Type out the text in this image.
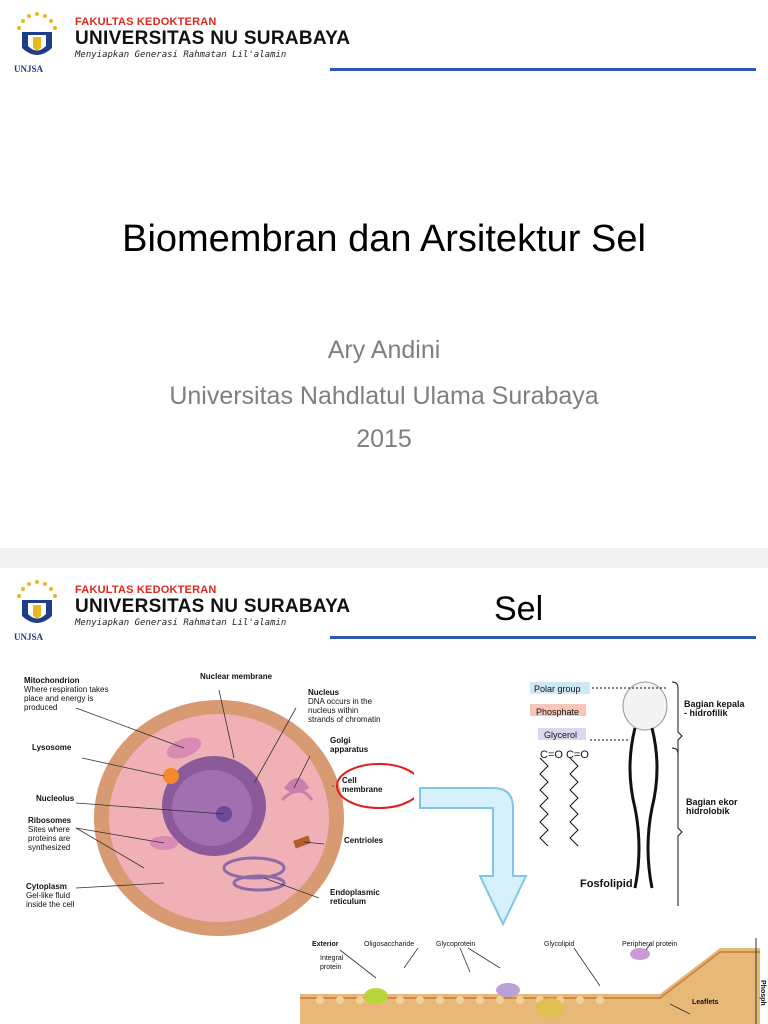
UNJSA
FAKULTAS KEDOKTERAN
UNIVERSITAS NU SURABAYA
Menyiapkan Generasi Rahmatan Lil'alamin
Biomembran dan Arsitektur Sel
Ary Andini
Universitas Nahdlatul Ulama Surabaya
2015
UNJSA
FAKULTAS KEDOKTERAN
UNIVERSITAS NU SURABAYA
Menyiapkan Generasi Rahmatan Lil'alamin	Sel
Mitochondrion
Where respiration takes
place and energy is
produced
Nuclear membrane
Nucleus
DNA occurs in the
nucleus within
strands of chromatin
Lysosome
Golgi
apparatus
Cell
membrane
Nucleolus
Ribosomes
Sites where
proteins are
synthesized
Centrioles
Cytoplasm
Gel-like fluid
inside the cell
Endoplasmic
reticulum
Polar group
Phosphate
Glycerol
C=O C=O
Bagian kepala
- hidrofilik
Bagian ekor
hidrolobik
Fosfolipid
Exterior	Oligosaccharide	Glycoprotein	Glycolipid	Peripheral protein
Integral
protein
Leaflets	Phosph
